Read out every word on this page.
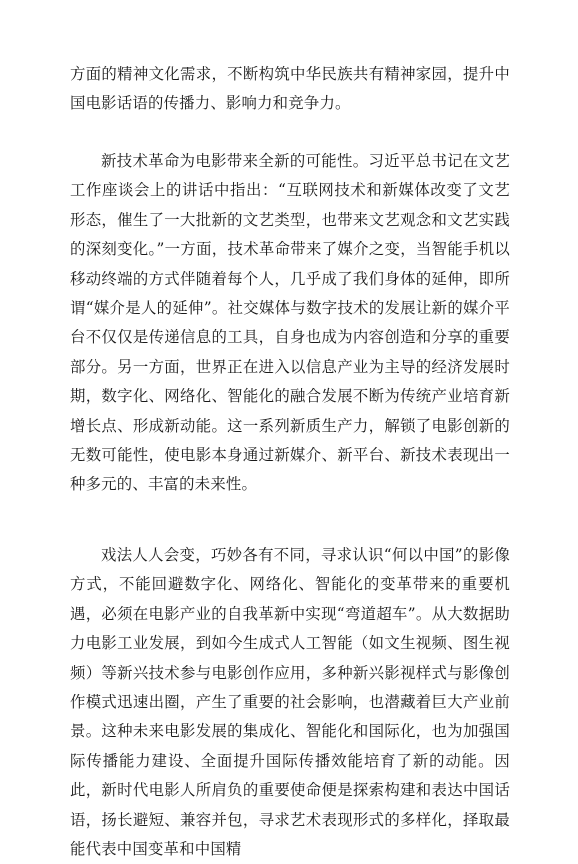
方面的精神文化需求，不断构筑中华民族共有精神家园，提升中国电影话语的传播力、影响力和竞争力。

新技术革命为电影带来全新的可能性。习近平总书记在文艺工作座谈会上的讲话中指出：“互联网技术和新媒体改变了文艺形态，催生了一大批新的文艺类型，也带来文艺观念和文艺实践的深刻变化。”一方面，技术革命带来了媒介之变，当智能手机以移动终端的方式伴随着每个人，几乎成了我们身体的延伸，即所谓“媒介是人的延伸”。社交媒体与数字技术的发展让新的媒介平台不仅仅是传递信息的工具，自身也成为内容创造和分享的重要部分。另一方面，世界正在进入以信息产业为主导的经济发展时期，数字化、网络化、智能化的融合发展不断为传统产业培育新增长点、形成新动能。这一系列新质生产力，解锁了电影创新的无数可能性，使电影本身通过新媒介、新平台、新技术表现出一种多元的、丰富的未来性。

戏法人人会变，巧妙各有不同，寻求认识“何以中国”的影像方式，不能回避数字化、网络化、智能化的变革带来的重要机遇，必须在电影产业的自我革新中实现“弯道超车”。从大数据助力电影工业发展，到如今生成式人工智能（如文生视频、图生视频）等新兴技术参与电影创作应用，多种新兴影视样式与影像创作模式迅速出圈，产生了重要的社会影响，也潜藏着巨大产业前景。这种未来电影发展的集成化、智能化和国际化，也为加强国际传播能力建设、全面提升国际传播效能培育了新的动能。因此，新时代电影人所肩负的重要使命便是探索构建和表达中国话语，扬长避短、兼容并包，寻求艺术表现形式的多样化，择取最能代表中国变革和中国精
